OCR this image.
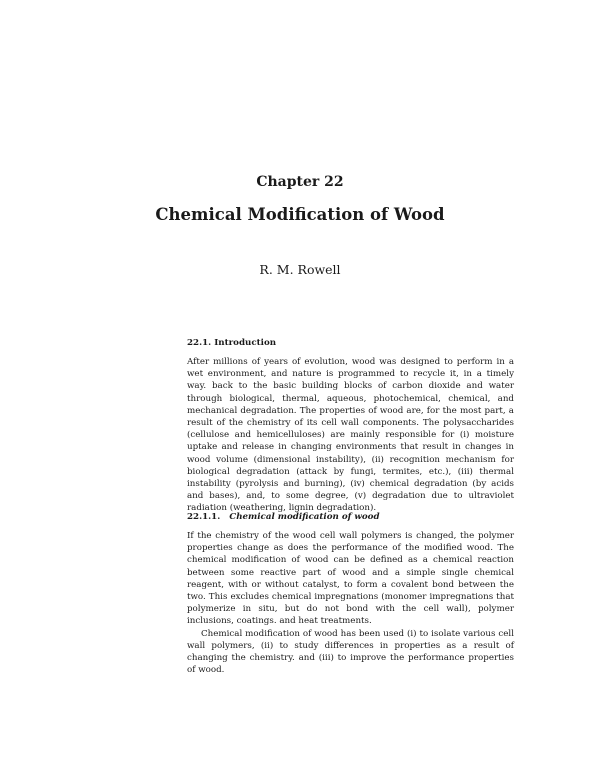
Chapter 22
Chemical Modification of Wood
R. M. Rowell
22.1. Introduction

After millions of years of evolution, wood was designed to perform in a wet environment, and nature is programmed to recycle it, in a timely way. back to the basic building blocks of carbon dioxide and water through biological, thermal, aqueous, photochemical, chemical, and mechanical degradation. The properties of wood are, for the most part, a result of the chemistry of its cell wall components. The polysaccharides (cellulose and hemicelluloses) are mainly responsible for (i) moisture uptake and release in changing environments that result in changes in wood volume (dimensional instability), (ii) recognition mechanism for biological degradation (attack by fungi, termites, etc.), (iii) thermal instability (pyrolysis and burning), (iv) chemical degradation (by acids and bases), and, to some degree, (v) degradation due to ultraviolet radiation (weathering, lignin degradation).

22.1.1. Chemical modification of wood

If the chemistry of the wood cell wall polymers is changed, the polymer properties change as does the performance of the modified wood. The chemical modification of wood can be defined as a chemical reaction between some reactive part of wood and a simple single chemical reagent, with or without catalyst, to form a covalent bond between the two. This excludes chemical impregnations (monomer impregnations that polymerize in situ, but do not bond with the cell wall), polymer inclusions, coatings. and heat treatments.

Chemical modification of wood has been used (i) to isolate various cell wall polymers, (ii) to study differences in properties as a result of changing the chemistry. and (iii) to improve the performance properties of wood.
